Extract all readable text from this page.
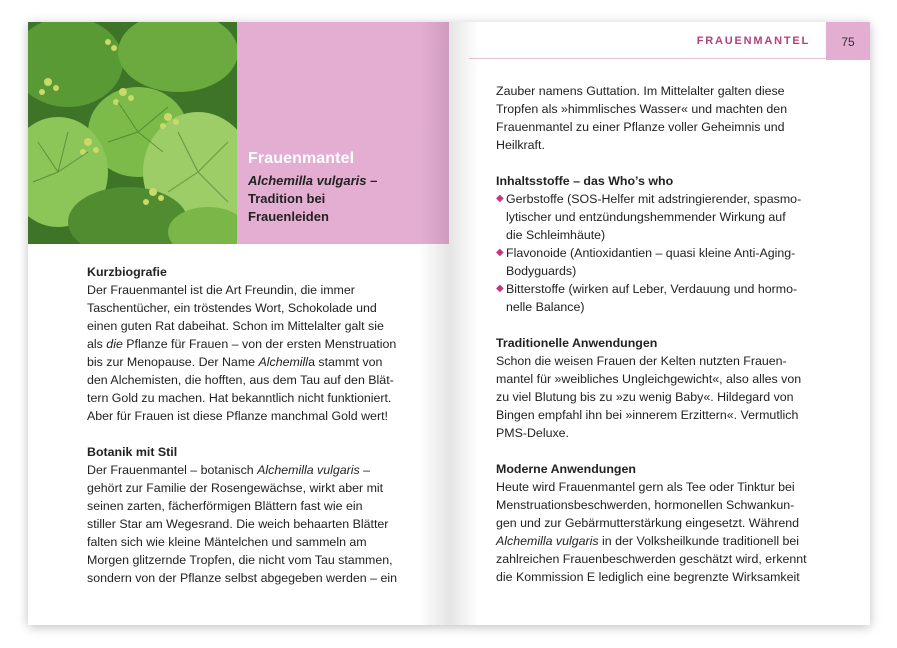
Frauenmantel
Alchemilla vulgaris –
Tradition bei
Frauenleiden
Kurzbiografie

Der Frauenmantel ist die Art Freundin, die immer

Taschentücher, ein tröstendes Wort, Schokolade und

einen guten Rat dabeihat. Schon im Mittelalter galt sie

als die Pflanze für Frauen – von der ersten Menstruation

bis zur Menopause. Der Name Alchemilla stammt von

den Alchemisten, die hofften, aus dem Tau auf den Blät-

tern Gold zu machen. Hat bekanntlich nicht funktioniert.

Aber für Frauen ist diese Pflanze manchmal Gold wert!

Botanik mit Stil

Der Frauenmantel – botanisch Alchemilla vulgaris –

gehört zur Familie der Rosengewächse, wirkt aber mit

seinen zarten, fächerförmigen Blättern fast wie ein

stiller Star am Wegesrand. Die weich behaarten Blätter

falten sich wie kleine Mäntelchen und sammeln am

Morgen glitzernde Tropfen, die nicht vom Tau stammen,

sondern von der Pflanze selbst abgegeben werden – ein

FRAUENMANTEL	75

Zauber namens Guttation. Im Mittelalter galten diese

Tropfen als »himmlisches Wasser« und machten den

Frauenmantel zu einer Pflanze voller Geheimnis und

Heilkraft.

Inhaltsstoffe – das Who’s who
◆ Gerbstoffe (SOS-Helfer mit adstringierender, spasmo-
lytischer und entzündungshemmender Wirkung auf
die Schleimhäute)
◆ Flavonoide (Antioxidantien – quasi kleine Anti-Aging-
Bodyguards)
◆ Bitterstoffe (wirken auf Leber, Verdauung und hormo-
nelle Balance)
Traditionelle Anwendungen

Schon die weisen Frauen der Kelten nutzten Frauen-

mantel für »weibliches Ungleichgewicht«, also alles von

zu viel Blutung bis zu »zu wenig Baby«. Hildegard von

Bingen empfahl ihn bei »innerem Erzittern«. Vermutlich

PMS-Deluxe.

Moderne Anwendungen

Heute wird Frauenmantel gern als Tee oder Tinktur bei

Menstruationsbeschwerden, hormonellen Schwankun-

gen und zur Gebärmutterstärkung eingesetzt. Während

Alchemilla vulgaris in der Volksheilkunde traditionell bei

zahlreichen Frauenbeschwerden geschätzt wird, erkennt

die Kommission E lediglich eine begrenzte Wirksamkeit
